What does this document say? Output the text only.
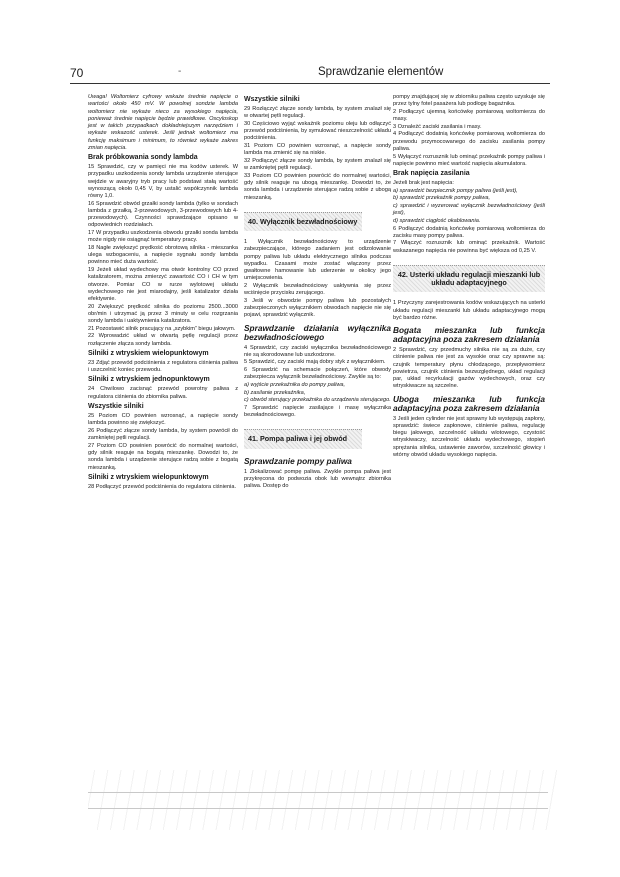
70	-	Sprawdzanie elementów

Uwaga! Woltomierz cyfrowy wskaże średnie napięcie o wartości około 450 mV. W powolnej sondzie lambda woltomierz nie wykaże nieco za wysokiego napięcia, ponieważ średnie napięcie będzie prawidłowe. Oscyloskop jest w takich przypadkach dokładniejszym narzędziem i wykaże wskazość usterek. Jeśli jednak woltomierz ma funkcję maksimum i minimum, to również wykaże zakres zmian napięcia.

Brak próbkowania sondy lambda

15 Sprawdzić, czy w pamięci nie ma kodów usterek. W przypadku uszkodzenia sondy lambda urządzenie sterujące wejdzie w awaryjny tryb pracy lub podstawi stałą wartość wynoszącą około 0,45 V, by ustalić współczynnik lambda równy 1,0.

16 Sprawdzić obwód grzałki sondy lambda (tylko w sondach lambda z grzałką, 2-przewodowych, 3-przewodowych lub 4-przewodowych). Czynności sprawdzające opisano w odpowiednich rozdziałach.

17 W przypadku uszkodzenia obwodu grzałki sonda lambda może nigdy nie osiągnąć temperatury pracy.

18 Nagłe zwiększyć prędkość obrotową silnika - mieszanka ulega wzbogaceniu, a napięcie sygnału sondy lambda powinno mieć duża wartość.

19 Jeżeli układ wydechowy ma otwór kontrolny CO przed katalizatorem, można zmierzyć zawartość CO i CH w tym otworze. Pomiar CO w rurze wylotowej układu wydechowego nie jest miarodajny, jeśli katalizator działa efektywnie.

20 Zwiększyć prędkość silnika do poziomu 2500...3000 obr/min i utrzymać ją przez 3 minuty w celu rozgrzania sondy lambda i uaktywnienia katalizatora.

21 Pozostawić silnik pracujący na „szybkim” biegu jałowym.

22 Wprowadzić układ w otwartą pętlę regulacji przez rozłączenie złącza sondy lambda.

Silniki z wtryskiem wielopunktowym

23 Zdjąć przewód podciśnienia z regulatora ciśnienia paliwa i uszczelnić koniec przewodu.

Silniki z wtryskiem jednopunktowym

24 Chwilowo zacisnąć przewód powrotny paliwa z regulatora ciśnienia do zbiornika paliwa.

Wszystkie silniki

25 Poziom CO powinien wzrosnąć, a napięcie sondy lambda powinno się zwiększyć.

26 Podłączyć złącze sondy lambda, by system powrócił do zamkniętej pętli regulacji.

27 Poziom CO powinien powrócić do normalnej wartości, gdy silnik reaguje na bogatą mieszankę. Dowodzi to, że sonda lambda i urządzenie sterujące radzą sobie z bogatą mieszanką.

Silniki z wtryskiem wielopunktowym

28 Podłączyć przewód podciśnienia do regulatora ciśnienia.

Wszystkie silniki

29 Rozłączyć złącze sondy lambda, by system znalazł się w otwartej pętli regulacji.

30 Częściowo wyjąć wskaźnik poziomu oleju lub odłączyć przewód podciśnienia, by symulować nieszczelność układu podciśnienia.

31 Poziom CO powinien wzrosnąć, a napięcie sondy lambda ma zmienić się na niskie.

32 Podłączyć złącze sondy lambda, by system znalazł się w zamkniętej pętli regulacji.

33 Poziom CO powinien powrócić do normalnej wartości, gdy silnik reaguje na ubogą mieszankę. Dowodzi to, że sonda lambda i urządzenie sterujące radzą sobie z ubogą mieszanką.

40. Wyłącznik bezwładnościowy

1 Wyłącznik bezwładnościowy to urządzenie zabezpieczające, którego zadaniem jest odizolowanie pompy paliwa lub układu elektrycznego silnika podczas wypadku. Czasami może zostać włączony przez gwałtowne hamowanie lub uderzenie w okolicy jego umiejscowienia.

2 Wyłącznik bezwładnościowy uaktywnia się przez wciśnięcie przycisku zerującego.

3 Jeśli w obwodzie pompy paliwa lub pozostałych zabezpieczonych wyłącznikiem obwodach napięcie nie się pojawi, sprawdzić wyłącznik.

Sprawdzanie działania wyłącznika bezwładnościowego

4 Sprawdzić, czy zaciski wyłącznika bezwładnościowego nie są skorodowane lub uszkodzone.

5 Sprawdzić, czy zaciski mają dobry styk z wyłącznikiem.

6 Sprawdzić na schemacie połączeń, które obwody zabezpiecza wyłącznik bezwładnościowy. Zwykle są to:

a) wyjście przekaźnika do pompy paliwa,

b) zasilanie przekaźnika,

c) obwód sterujący przekaźnika do urządzenia sterującego.

7 Sprawdzić napięcie zasilające i masę wyłącznika bezwładnościowego.

41. Pompa paliwa i jej obwód
Sprawdzanie pompy paliwa

1 Złokalizować pompę paliwa. Zwykle pompa paliwa jest przykręcona do podwozia obok lub wewnątrz zbiornika paliwa. Dostęp do

pompy znajdującej się w zbiorniku paliwa często uzyskuje się przez tylny fotel pasażera lub podłogę bagażnika.

2 Podłączyć ujemną końcówkę pomiarową woltomierza do masy.

3 Oznaleźć zaciski zasilania i masy.

4 Podłączyć dodatnią końcówkę pomiarową woltomierza do przewodu przymocowanego do zacisku zasilania pompy paliwa.

5 Wyłączyć rozrusznik lub ominąć przekaźnik pompy paliwa i napięcie powinno mieć wartość napięcia akumulatora.

Brak napięcia zasilania

Jeżeli brak jest napięcia:

a) sprawdzić bezpiecznik pompy paliwa (jeśli jest),

b) sprawdzić przekaźnik pompy paliwa,

c) sprawdzić i wyzerować wyłącznik bezwładnościowy (jeśli jest),

d) sprawdzić ciągłość okablowania.

6 Podłączyć dodatnią końcówkę pomiarową woltomierza do zacisku masy pompy paliwa.

7 Włączyć rozrusznik lub ominąć przekaźnik. Wartość wskazanego napięcia nie powinna być większa od 0,25 V.

42. Usterki układu regulacji mieszanki lub układu adaptacyjnego

1 Przyczyny zarejestrowania kodów wskazujących na usterki układu regulacji mieszanki lub układu adaptacyjnego mogą być bardzo różne.

Bogata mieszanka lub funkcja adaptacyjna poza zakresem działania

2 Sprawdzić, czy przedmuchy silnika nie są za duże, czy ciśnienie paliwa nie jest za wysokie oraz czy sprawne są: czujnik temperatury płynu chłodzącego, przepływomierz powietrza, czujnik ciśnienia bezwzględnego, układ regulacji par, układ recyrkulacji gazów wydechowych, oraz czy wtryskiwacze są szczelne.

Uboga mieszanka lub funkcja adaptacyjna poza zakresem działania

3 Jeśli jeden cylinder nie jest sprawny lub występują zapłony, sprawdzić: świece zapłonowe, ciśnienie paliwa, regulację biegu jałowego, szczelność układu wlotowego, czystość wtryskiwaczy, szczelność układu wydechowego, stopień sprężania silnika, ustawienie zaworów, szczelność głowicy i wtórny obwód układu wysokiego napięcia.
